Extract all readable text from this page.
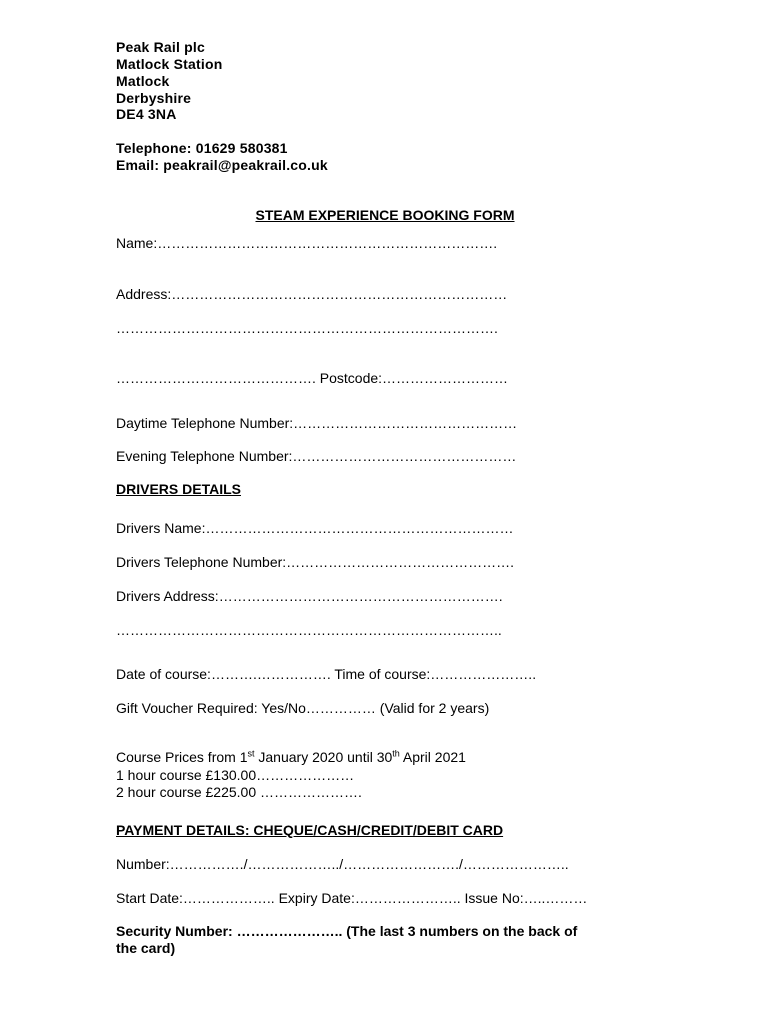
Peak Rail plc
Matlock Station
Matlock
Derbyshire
DE4 3NA
Telephone: 01629 580381
Email: peakrail@peakrail.co.uk
STEAM EXPERIENCE BOOKING FORM
Name:……………………………………………………………….
Address:………………………………………………………………
……………………………………………………………………….
……………………………………. Postcode:………………………
Daytime Telephone Number:…………………………………………
Evening Telephone Number:…………………………………………
DRIVERS DETAILS
Drivers Name:…………………………………………………………
Drivers Telephone Number:………………………………………….
Drivers Address:…………………………………………………….
………………………………………………………………………..
Date of course:……….……………. Time of course:…………………..
Gift Voucher Required: Yes/No…………… (Valid for 2 years)
Course Prices from 1st January 2020 until 30th April 2021
1 hour course £130.00…………………
2 hour course £225.00 ………………….
PAYMENT DETAILS: CHEQUE/CASH/CREDIT/DEBIT CARD
Number:……………./………………../……………………./…………………..
Start Date:……………….. Expiry Date:………………….. Issue No:…..………
Security Number: ………………….. (The last 3 numbers on the back of
the card)
